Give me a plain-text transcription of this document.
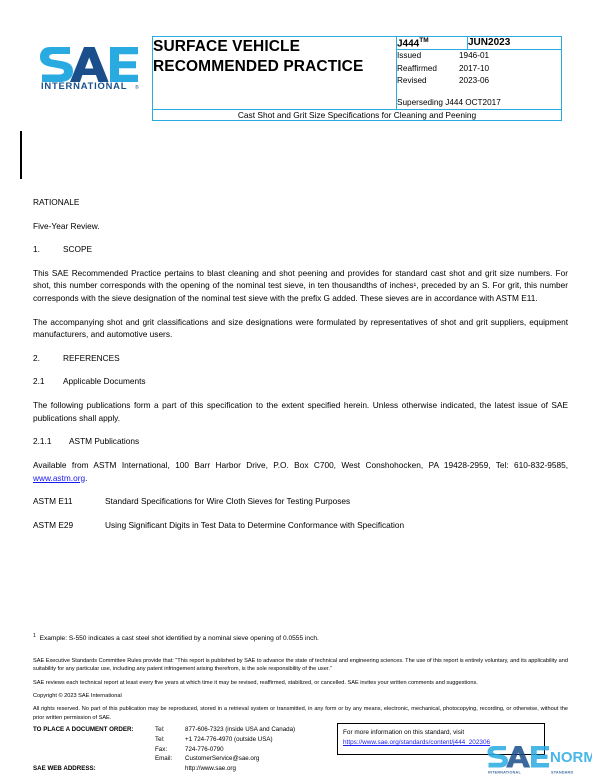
INTERNATIONAL ®
SURFACE VEHICLE
RECOMMENDED PRACTICE
	J444™	JUN2023

Issued	1946-01
Reaffirmed	2017-10
Revised	2023-06
Superseding J444 OCT2017

Cast Shot and Grit Size Specifications for Cleaning and Peening
RATIONALE
Five-Year Review.
1.	SCOPE
This SAE Recommended Practice pertains to blast cleaning and shot peening and provides for standard cast shot and grit size numbers. For shot, this number corresponds with the opening of the nominal test sieve, in ten thousandths of inches¹, preceded by an S. For grit, this number corresponds with the sieve designation of the nominal test sieve with the prefix G added. These sieves are in accordance with ASTM E11.
The accompanying shot and grit classifications and size designations were formulated by representatives of shot and grit suppliers, equipment manufacturers, and automotive users.
2.	REFERENCES
2.1	Applicable Documents
The following publications form a part of this specification to the extent specified herein. Unless otherwise indicated, the latest issue of SAE publications shall apply.
2.1.1	ASTM Publications
Available from ASTM International, 100 Barr Harbor Drive, P.O. Box C700, West Conshohocken, PA 19428-2959, Tel: 610-832-9585, www.astm.org.
ASTM E11	Standard Specifications for Wire Cloth Sieves for Testing Purposes
ASTM E29	Using Significant Digits in Test Data to Determine Conformance with Specification
$^1$ Example: S-550 indicates a cast steel shot identified by a nominal sieve opening of 0.0555 inch.
SAE Executive Standards Committee Rules provide that: “This report is published by SAE to advance the state of technical and engineering sciences. The use of this report is entirely voluntary, and its applicability and suitability for any particular use, including any patent infringement arising therefrom, is the sole responsibility of the user.”
SAE reviews each technical report at least every five years at which time it may be revised, reaffirmed, stabilized, or cancelled. SAE invites your written comments and suggestions.
Copyright © 2023 SAE International
All rights reserved. No part of this publication may be reproduced, stored in a retrieval system or transmitted, in any form or by any means, electronic, mechanical, photocopying, recording, or otherwise, without the prior written permission of SAE.
TO PLACE A DOCUMENT ORDER:	Tel:	877-606-7323 (inside USA and Canada)
Tel:	+1 724-776-4970 (outside USA)
Fax:	724-776-0790
Email:	CustomerService@sae.org
SAE WEB ADDRESS:	http://www.sae.org
For more information on this standard, visit
https://www.sae.org/standards/content/j444_202306
NORM
INTERNATIONAL	STANDARD
